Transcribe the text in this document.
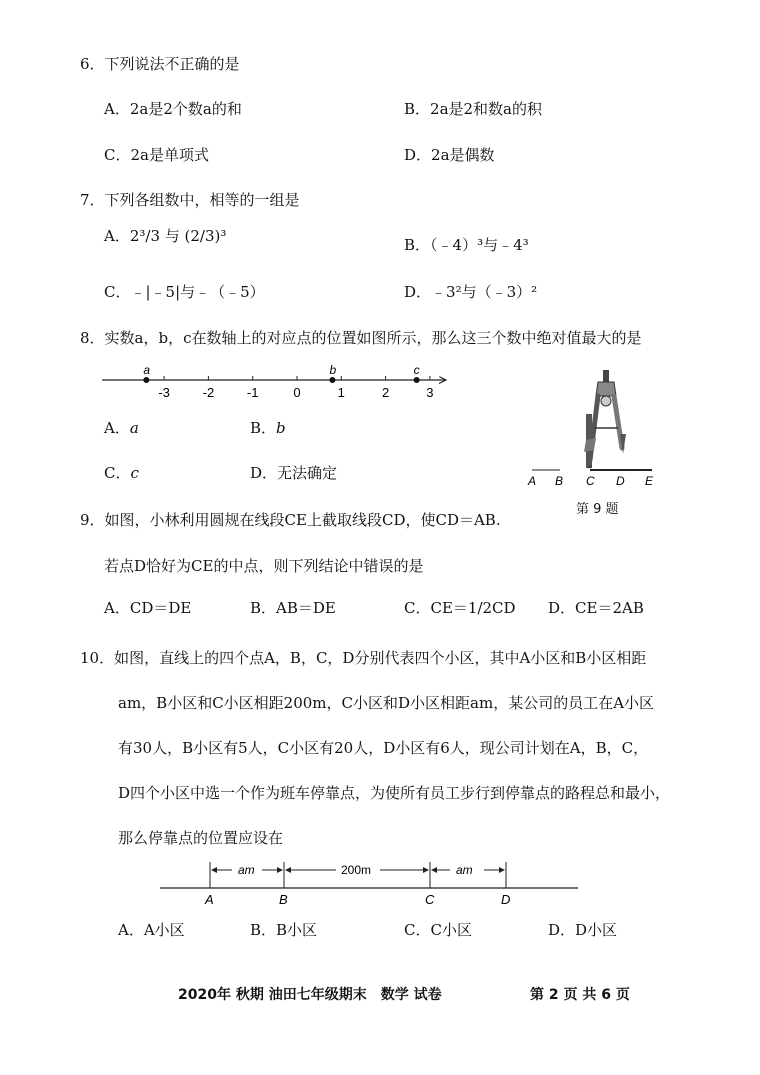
6．下列说法不正确的是
A．2a是2个数a的和	B．2a是2和数a的积
C．2a是单项式	D．2a是偶数
7．下列各组数中，相等的一组是
A．2³/3 与 (2/3)³	B．（﹣4）³与﹣4³
C．﹣|﹣5|与﹣（﹣5）	D．﹣3²与（﹣3）²
8．实数a，b，c在数轴上的对应点的位置如图所示，那么这三个数中绝对值最大的是
-3	-2	-1	0	1	2	3
a	b	c
A．a	B．b
C．c	D．无法确定	A B C D E
第 9 题
9．如图，小林利用圆规在线段CE上截取线段CD，使CD＝AB.
若点D恰好为CE的中点，则下列结论中错误的是
A．CD＝DE	B．AB＝DE	C．CE＝1/2CD D．CE＝2AB
10．如图，直线上的四个点A，B，C，D分别代表四个小区，其中A小区和B小区相距
am，B小区和C小区相距200m，C小区和D小区相距am，某公司的员工在A小区
有30人，B小区有5人，C小区有20人，D小区有6人，现公司计划在A，B，C，
D四个小区中选一个作为班车停靠点，为使所有员工步行到停靠点的路程总和最小，
那么停靠点的位置应设在
am	200m	am
A	B	C	D
A．A小区	B．B小区	C．C小区	D．D小区
2020年 秋期 油田七年级期末　数学 试卷	第 2 页 共 6 页
